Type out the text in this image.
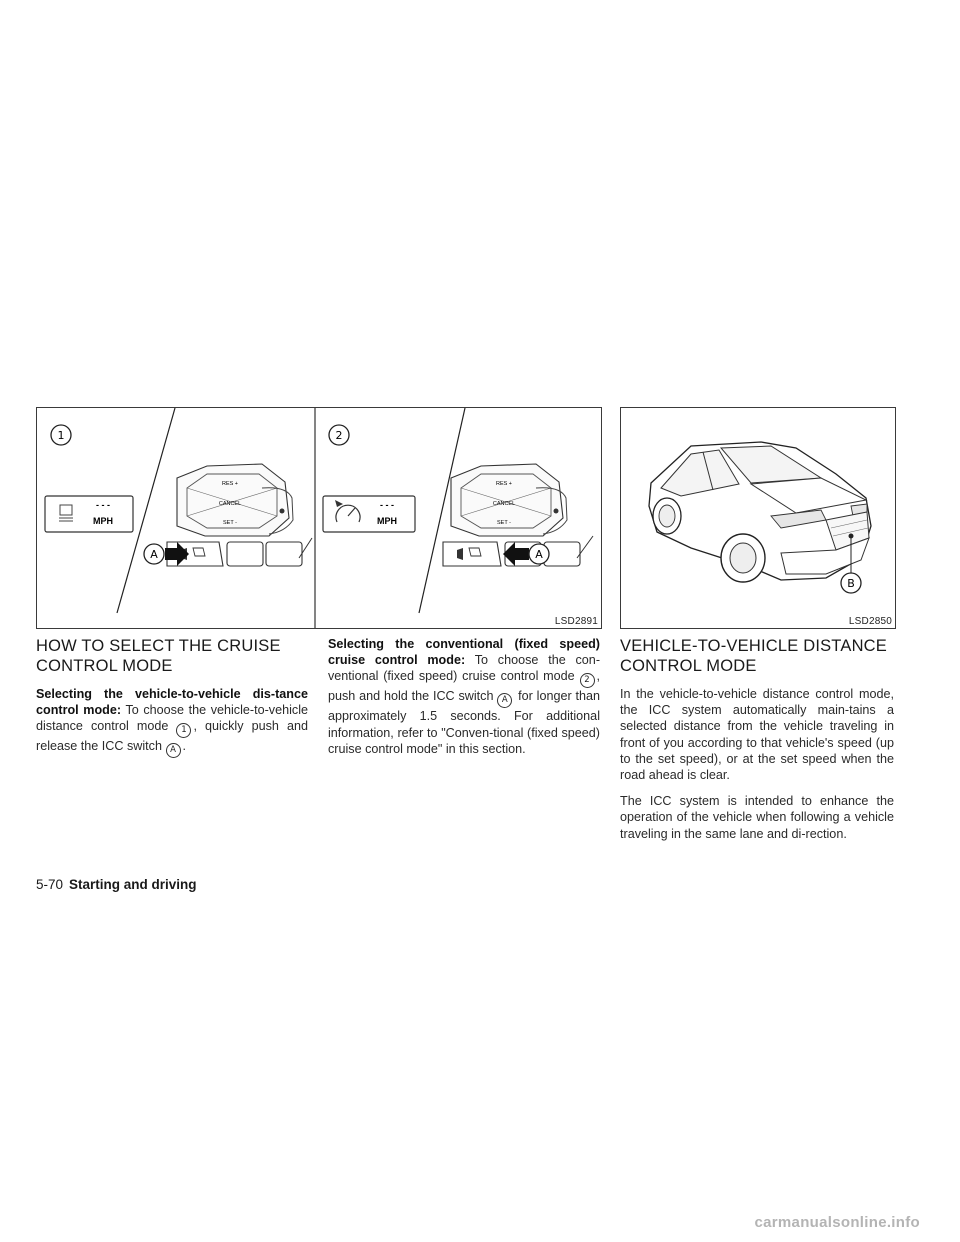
1
- - -
MPH
RES +
CANCEL
SET -
A
2
- - -
MPH
RES +
CANCEL
SET -
A
LSD2891
B
LSD2850
HOW TO SELECT THE CRUISE
CONTROL MODE

Selecting the vehicle-to-vehicle dis-tance control mode: To choose the vehicle-to-vehicle distance control mode 1 , quickly push and release the ICC switch A .

Selecting the conventional (fixed speed) cruise control mode: To choose the con-ventional (fixed speed) cruise control mode 2 , push and hold the ICC switch A for longer than approximately 1.5 seconds. For additional information, refer to "Conven-tional (fixed speed) cruise control mode" in this section.

VEHICLE-TO-VEHICLE DISTANCE
CONTROL MODE

In the vehicle-to-vehicle distance control mode, the ICC system automatically main-tains a selected distance from the vehicle traveling in front of you according to that vehicle's speed (up to the set speed), or at the set speed when the road ahead is clear.

The ICC system is intended to enhance the operation of the vehicle when following a vehicle traveling in the same lane and di-rection.

5-70 Starting and driving
carmanualsonline.info
